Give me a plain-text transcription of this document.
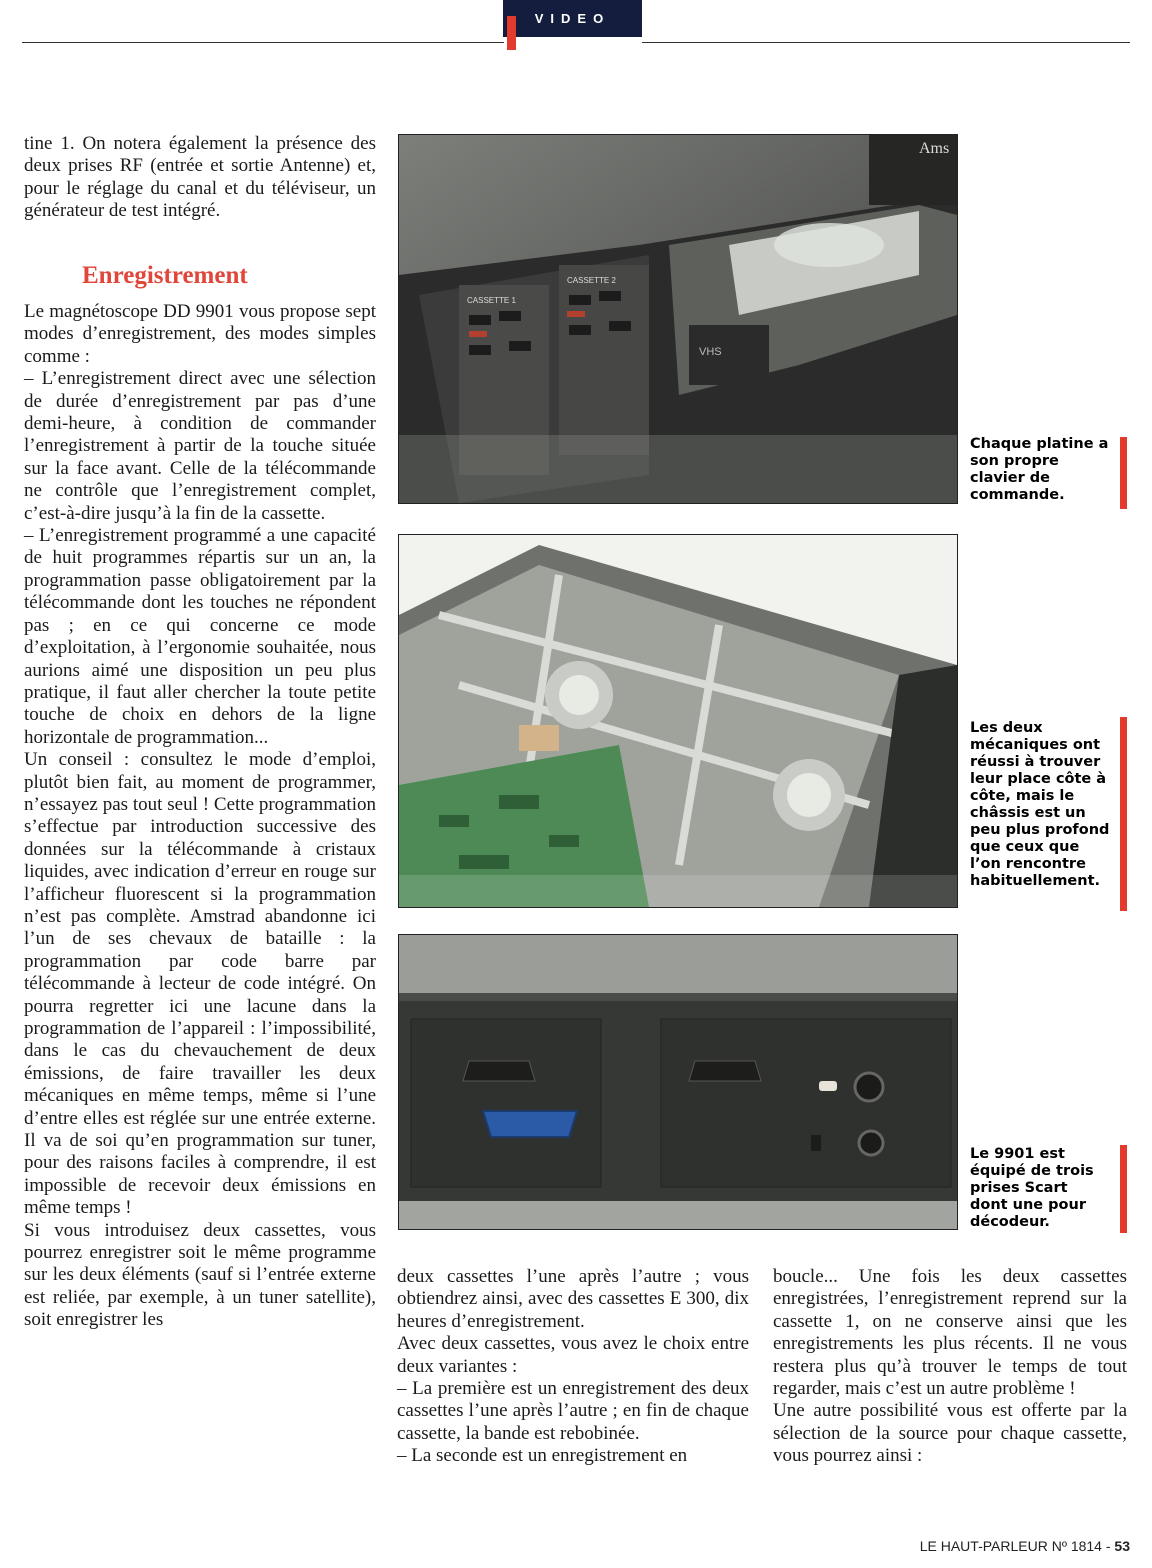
VIDEO

tine 1. On notera également la présence des deux prises RF (entrée et sortie Antenne) et, pour le réglage du canal et du téléviseur, un générateur de test intégré.

Enregistrement

Le magnétoscope DD 9901 vous propose sept modes d’enregistrement, des modes simples comme :

– L’enregistrement direct avec une sélection de durée d’enregistrement par pas d’une demi-heure, à condition de commander l’enregistrement à partir de la touche située sur la face avant. Celle de la télécommande ne contrôle que l’enregistrement complet, c’est-à-dire jusqu’à la fin de la cassette.

– L’enregistrement programmé a une capacité de huit programmes répartis sur un an, la programmation passe obligatoirement par la télécommande dont les touches ne répondent pas ; en ce qui concerne ce mode d’exploitation, à l’ergonomie souhaitée, nous aurions aimé une disposition un peu plus pratique, il faut aller chercher la toute petite touche de choix en dehors de la ligne horizontale de programmation...

Un conseil : consultez le mode d’emploi, plutôt bien fait, au moment de programmer, n’essayez pas tout seul ! Cette programmation s’effectue par introduction successive des données sur la télécommande à cristaux liquides, avec indication d’erreur en rouge sur l’afficheur fluorescent si la programmation n’est pas complète. Amstrad abandonne ici l’un de ses chevaux de bataille : la programmation par code barre par télécommande à lecteur de code intégré. On pourra regretter ici une lacune dans la programmation de l’appareil : l’impossibilité, dans le cas du chevauchement de deux émissions, de faire travailler les deux mécaniques en même temps, même si l’une d’entre elles est réglée sur une entrée externe. Il va de soi qu’en programmation sur tuner, pour des raisons faciles à comprendre, il est impossible de recevoir deux émissions en même temps !

Si vous introduisez deux cassettes, vous pourrez enregistrer soit le même programme sur les deux éléments (sauf si l’entrée externe est reliée, par exemple, à un tuner satellite), soit enregistrer les

CASSETTE 1
CASSETTE 2
VHS
Ams
Chaque platine a son propre clavier de commande.
Les deux mécaniques ont réussi à trouver leur place côte à côte, mais le châssis est un peu plus profond que ceux que l’on rencontre habituellement.
Le 9901 est équipé de trois prises Scart dont une pour décodeur.

deux cassettes l’une après l’autre ; vous obtiendrez ainsi, avec des cassettes E 300, dix heures d’enregistrement.

Avec deux cassettes, vous avez le choix entre deux variantes :

– La première est un enregistrement des deux cassettes l’une après l’autre ; en fin de chaque cassette, la bande est rebobinée.

– La seconde est un enregistrement en

boucle... Une fois les deux cassettes enregistrées, l’enregistrement reprend sur la cassette 1, on ne conserve ainsi que les enregistrements les plus récents. Il ne vous restera plus qu’à trouver le temps de tout regarder, mais c’est un autre problème !

Une autre possibilité vous est offerte par la sélection de la source pour chaque cassette, vous pourrez ainsi :

LE HAUT-PARLEUR Nº 1814 - 53
